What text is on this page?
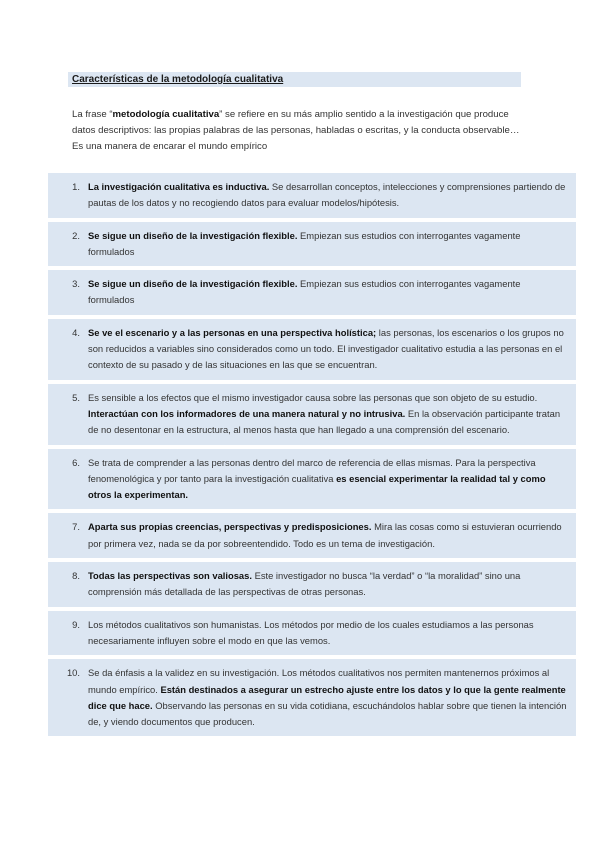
Características de la metodología cualitativa
La frase “metodología cualitativa” se refiere en su más amplio sentido a la investigación que produce datos descriptivos: las propias palabras de las personas, habladas o escritas, y la conducta observable… Es una manera de encarar el mundo empírico
1. La investigación cualitativa es inductiva. Se desarrollan conceptos, intelecciones y comprensiones partiendo de pautas de los datos y no recogiendo datos para evaluar modelos/hipótesis.
2. Se sigue un diseño de la investigación flexible. Empiezan sus estudios con interrogantes vagamente formulados
3. Se sigue un diseño de la investigación flexible. Empiezan sus estudios con interrogantes vagamente formulados
4. Se ve el escenario y a las personas en una perspectiva holística; las personas, los escenarios o los grupos no son reducidos a variables sino considerados como un todo. El investigador cualitativo estudia a las personas en el contexto de su pasado y de las situaciones en las que se encuentran.
5. Es sensible a los efectos que el mismo investigador causa sobre las personas que son objeto de su estudio. Interactúan con los informadores de una manera natural y no intrusiva. En la observación participante tratan de no desentonar en la estructura, al menos hasta que han llegado a una comprensión del escenario.
6. Se trata de comprender a las personas dentro del marco de referencia de ellas mismas. Para la perspectiva fenomenológica y por tanto para la investigación cualitativa es esencial experimentar la realidad tal y como otros la experimentan.
7. Aparta sus propias creencias, perspectivas y predisposiciones. Mira las cosas como si estuvieran ocurriendo por primera vez, nada se da por sobreentendido. Todo es un tema de investigación.
8. Todas las perspectivas son valiosas. Este investigador no busca “la verdad” o “la moralidad” sino una comprensión más detallada de las perspectivas de otras personas.
9. Los métodos cualitativos son humanistas. Los métodos por medio de los cuales estudiamos a las personas necesariamente influyen sobre el modo en que las vemos.
10. Se da énfasis a la validez en su investigación. Los métodos cualitativos nos permiten mantenernos próximos al mundo empírico. Están destinados a asegurar un estrecho ajuste entre los datos y lo que la gente realmente dice que hace. Observando las personas en su vida cotidiana, escuchándolos hablar sobre que tienen la intención de, y viendo documentos que producen.
